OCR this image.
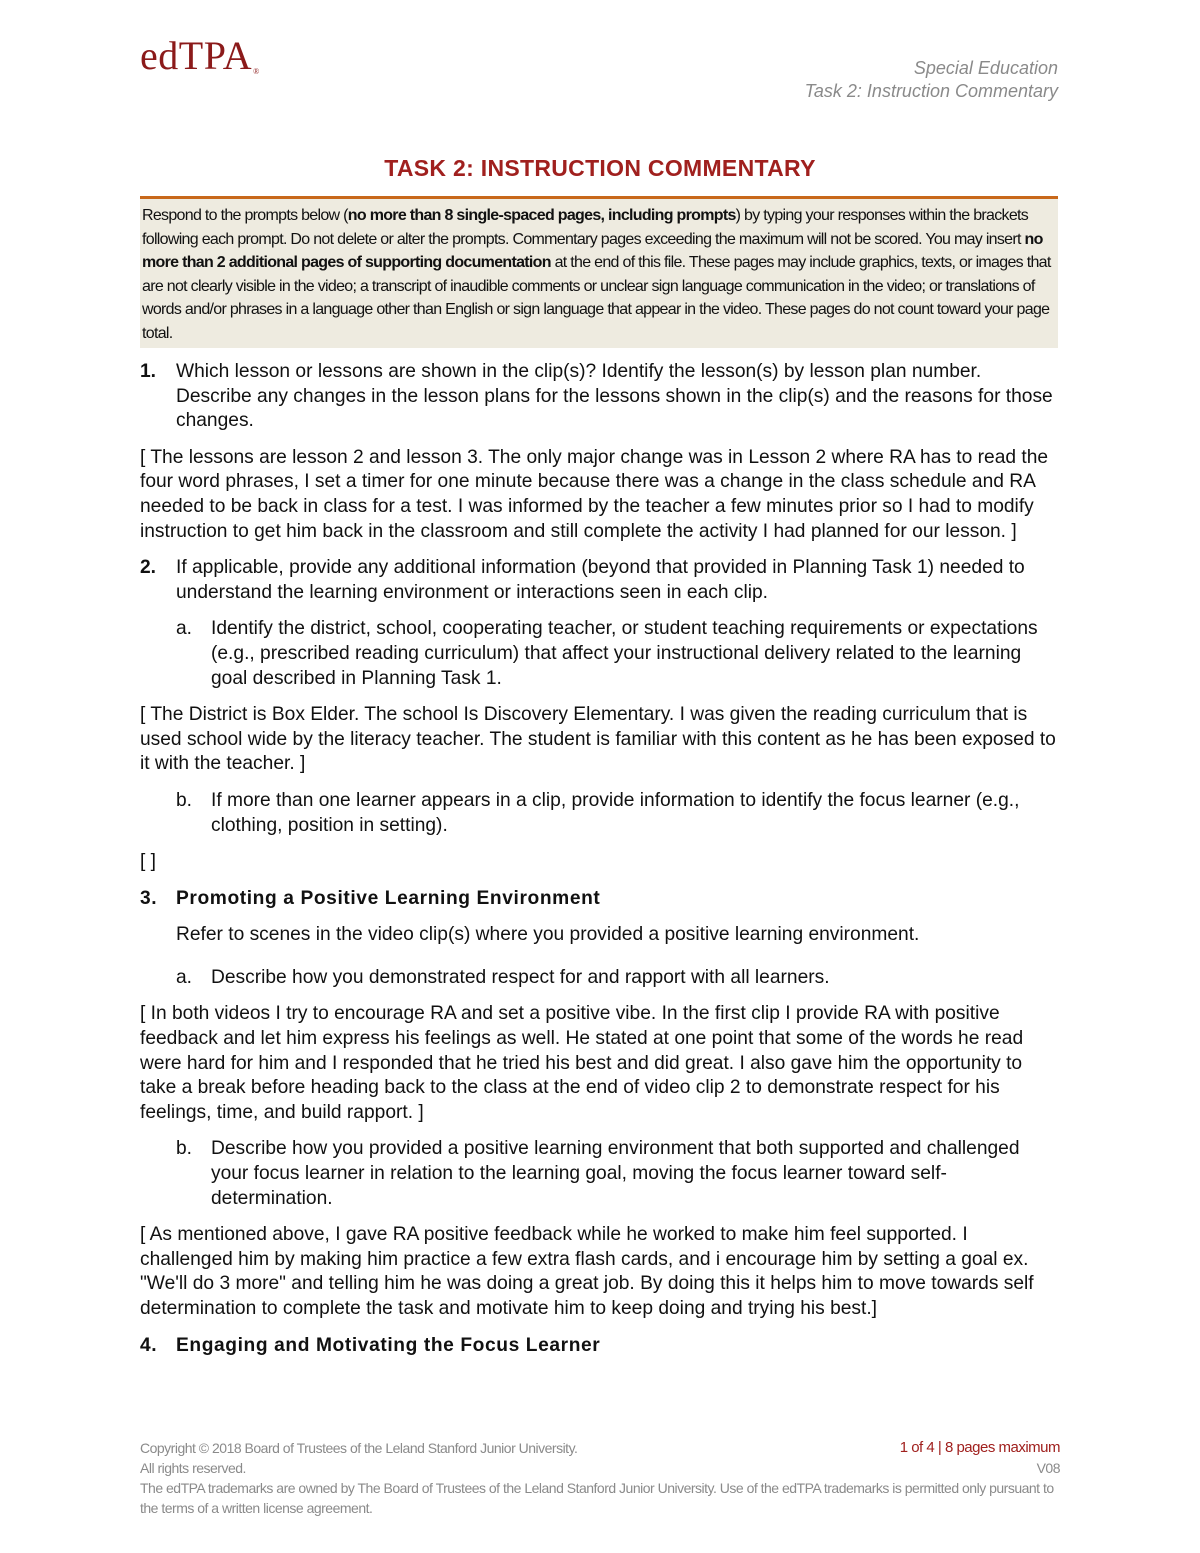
edTPA®	Special Education
Task 2: Instruction Commentary
TASK 2: INSTRUCTION COMMENTARY
Respond to the prompts below (no more than 8 single-spaced pages, including prompts) by typing your responses within the brackets following each prompt. Do not delete or alter the prompts. Commentary pages exceeding the maximum will not be scored. You may insert no more than 2 additional pages of supporting documentation at the end of this file. These pages may include graphics, texts, or images that are not clearly visible in the video; a transcript of inaudible comments or unclear sign language communication in the video; or translations of words and/or phrases in a language other than English or sign language that appear in the video. These pages do not count toward your page total.
1. Which lesson or lessons are shown in the clip(s)? Identify the lesson(s) by lesson plan number. Describe any changes in the lesson plans for the lessons shown in the clip(s) and the reasons for those changes.
[ The lessons are lesson 2 and lesson 3. The only major change was in Lesson 2 where RA has to read the four word phrases, I set a timer for one minute because there was a change in the class schedule and RA needed to be back in class for a test. I was informed by the teacher a few minutes prior so I had to modify instruction to get him back in the classroom and still complete the activity I had planned for our lesson. ]
2. If applicable, provide any additional information (beyond that provided in Planning Task 1) needed to understand the learning environment or interactions seen in each clip.
a. Identify the district, school, cooperating teacher, or student teaching requirements or expectations (e.g., prescribed reading curriculum) that affect your instructional delivery related to the learning goal described in Planning Task 1.
[ The District is Box Elder. The school Is Discovery Elementary. I was given the reading curriculum that is used school wide by the literacy teacher. The student is familiar with this content as he has been exposed to it with the teacher. ]
b. If more than one learner appears in a clip, provide information to identify the focus learner (e.g., clothing, position in setting).
[ ]
3. Promoting a Positive Learning Environment
Refer to scenes in the video clip(s) where you provided a positive learning environment.
a. Describe how you demonstrated respect for and rapport with all learners.
[ In both videos I try to encourage RA and set a positive vibe. In the first clip I provide RA with positive feedback and let him express his feelings as well. He stated at one point that some of the words he read were hard for him and I responded that he tried his best and did great. I also gave him the opportunity to take a break before heading back to the class at the end of video clip 2 to demonstrate respect for his feelings, time, and build rapport. ]
b. Describe how you provided a positive learning environment that both supported and challenged your focus learner in relation to the learning goal, moving the focus learner toward self-determination.
[ As mentioned above, I gave RA positive feedback while he worked to make him feel supported. I challenged him by making him practice a few extra flash cards, and i encourage him by setting a goal ex. "We'll do 3 more" and telling him he was doing a great job. By doing this it helps him to move towards self determination to complete the task and motivate him to keep doing and trying his best.]
4. Engaging and Motivating the Focus Learner
Copyright © 2018 Board of Trustees of the Leland Stanford Junior University.
All rights reserved.
The edTPA trademarks are owned by The Board of Trustees of the Leland Stanford Junior University. Use of the edTPA trademarks is permitted only pursuant to the terms of a written license agreement.
1 of 4 | 8 pages maximum
V08
